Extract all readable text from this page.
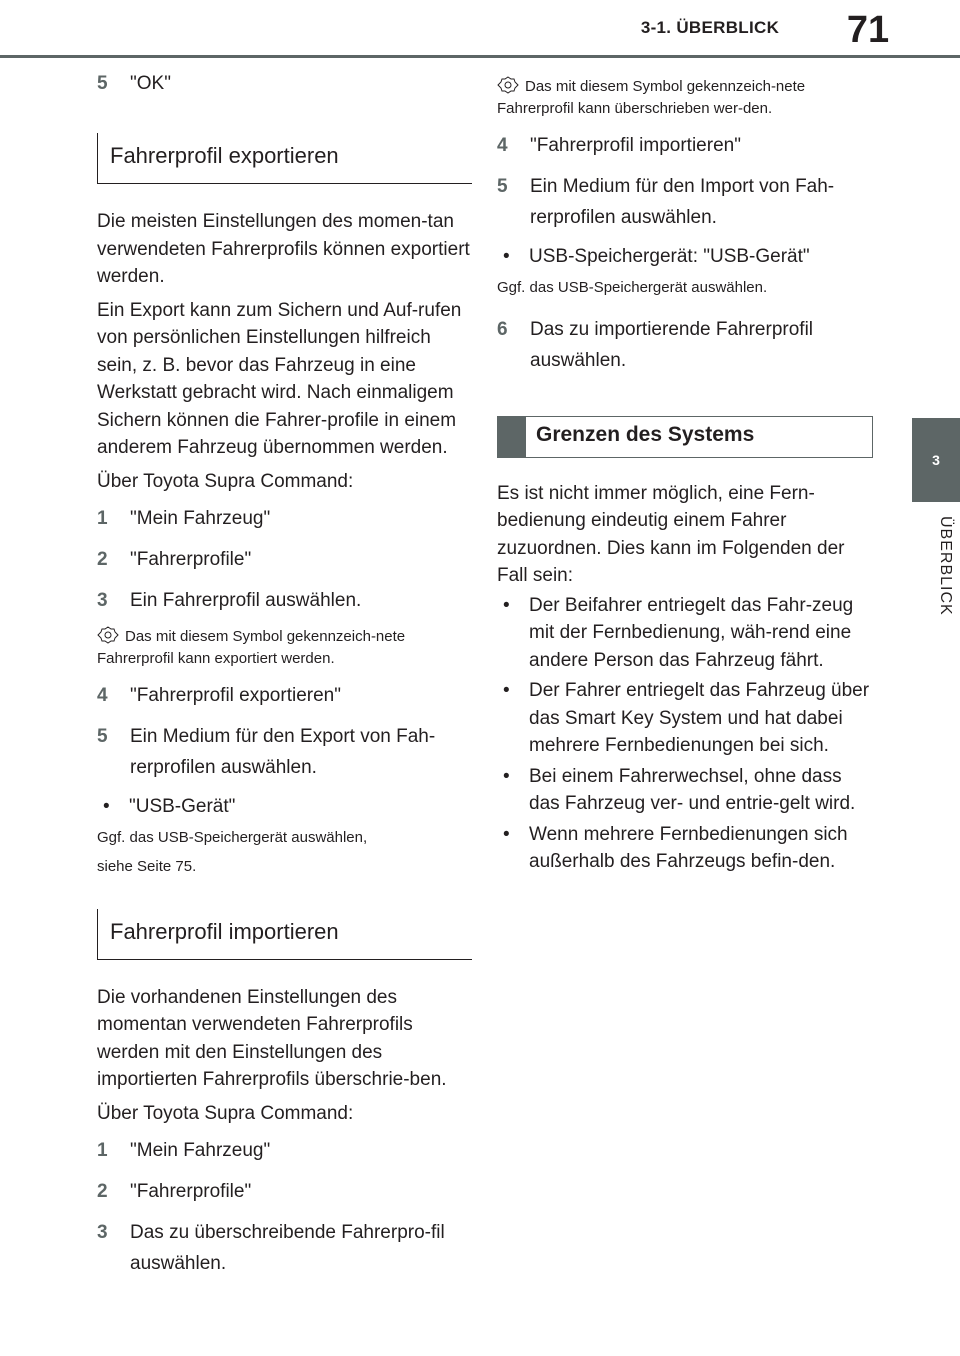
3-1. ÜBERBLICK	71
3
ÜBERBLICK
5	"OK"
Fahrerprofil exportieren

Die meisten Einstellungen des momen-tan verwendeten Fahrerprofils können exportiert werden.

Ein Export kann zum Sichern und Auf-rufen von persönlichen Einstellungen hilfreich sein, z. B. bevor das Fahrzeug in eine Werkstatt gebracht wird. Nach einmaligem Sichern können die Fahrer-profile in einem anderem Fahrzeug übernommen werden.

Über Toyota Supra Command:

1	"Mein Fahrzeug"
2	"Fahrerprofile"
3	Ein Fahrerprofil auswählen.
Das mit diesem Symbol gekennzeich-nete Fahrerprofil kann exportiert werden.
4	"Fahrerprofil exportieren"
5	Ein Medium für den Export von Fah-rerprofilen auswählen.
•	"USB-Gerät"

Ggf. das USB-Speichergerät auswählen,

siehe Seite 75.

Fahrerprofil importieren

Die vorhandenen Einstellungen des momentan verwendeten Fahrerprofils werden mit den Einstellungen des importierten Fahrerprofils überschrie-ben.

Über Toyota Supra Command:

1	"Mein Fahrzeug"
2	"Fahrerprofile"
3	Das zu überschreibende Fahrerpro-fil auswählen.
Das mit diesem Symbol gekennzeich-nete Fahrerprofil kann überschrieben wer-den.
4	"Fahrerprofil importieren"
5	Ein Medium für den Import von Fah-rerprofilen auswählen.
•	USB-Speichergerät: "USB-Gerät"

Ggf. das USB-Speichergerät auswählen.

6	Das zu importierende Fahrerprofil auswählen.
Grenzen des Systems

Es ist nicht immer möglich, eine Fern-bedienung eindeutig einem Fahrer zuzuordnen. Dies kann im Folgenden der Fall sein:

•	Der Beifahrer entriegelt das Fahr-zeug mit der Fernbedienung, wäh-rend eine andere Person das Fahrzeug fährt.
•	Der Fahrer entriegelt das Fahrzeug über das Smart Key System und hat dabei mehrere Fernbedienungen bei sich.
•	Bei einem Fahrerwechsel, ohne dass das Fahrzeug ver- und entrie-gelt wird.
•	Wenn mehrere Fernbedienungen sich außerhalb des Fahrzeugs befin-den.
